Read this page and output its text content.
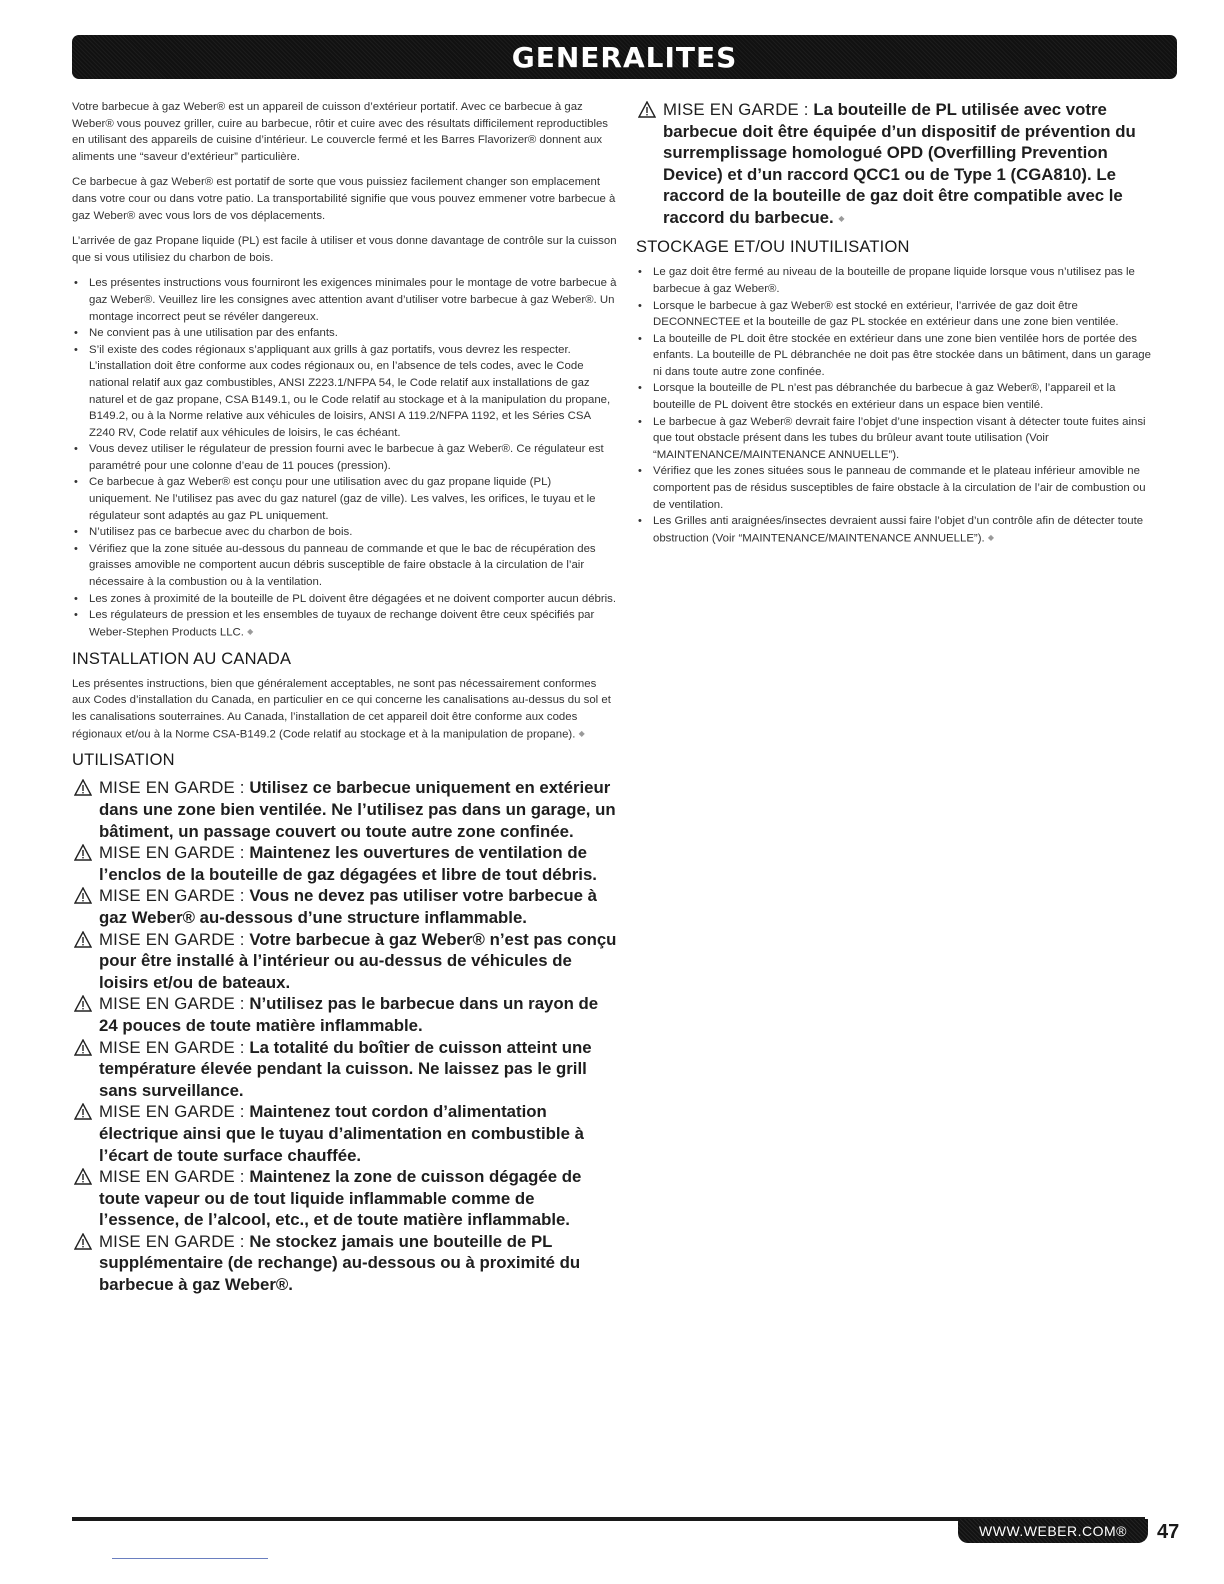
GENERALITES

Votre barbecue à gaz Weber® est un appareil de cuisson d’extérieur portatif. Avec ce barbecue à gaz Weber® vous pouvez griller, cuire au barbecue, rôtir et cuire avec des résultats difficilement reproductibles en utilisant des appareils de cuisine d’intérieur. Le couvercle fermé et les Barres Flavorizer® donnent aux aliments une “saveur d’extérieur” particulière.

Ce barbecue à gaz Weber® est portatif de sorte que vous puissiez facilement changer son emplacement dans votre cour ou dans votre patio. La transportabilité signifie que vous pouvez emmener votre barbecue à gaz Weber® avec vous lors de vos déplacements.

L’arrivée de gaz Propane liquide (PL) est facile à utiliser et vous donne davantage de contrôle sur la cuisson que si vous utilisiez du charbon de bois.

• Les présentes instructions vous fourniront les exigences minimales pour le montage de votre barbecue à gaz Weber®. Veuillez lire les consignes avec attention avant d’utiliser votre barbecue à gaz Weber®. Un montage incorrect peut se révéler dangereux.
• Ne convient pas à une utilisation par des enfants.
• S’il existe des codes régionaux s’appliquant aux grills à gaz portatifs, vous devrez les respecter. L’installation doit être conforme aux codes régionaux ou, en l’absence de tels codes, avec le Code national relatif aux gaz combustibles, ANSI Z223.1/NFPA 54, le Code relatif aux installations de gaz naturel et de gaz propane, CSA B149.1, ou le Code relatif au stockage et à la manipulation du propane, B149.2, ou à la Norme relative aux véhicules de loisirs, ANSI A 119.2/NFPA 1192, et les Séries CSA Z240 RV, Code relatif aux véhicules de loisirs, le cas échéant.
• Vous devez utiliser le régulateur de pression fourni avec le barbecue à gaz Weber®. Ce régulateur est paramétré pour une colonne d’eau de 11 pouces (pression).
• Ce barbecue à gaz Weber® est conçu pour une utilisation avec du gaz propane liquide (PL) uniquement. Ne l’utilisez pas avec du gaz naturel (gaz de ville). Les valves, les orifices, le tuyau et le régulateur sont adaptés au gaz PL uniquement.
• N’utilisez pas ce barbecue avec du charbon de bois.
• Vérifiez que la zone située au-dessous du panneau de commande et que le bac de récupération des graisses amovible ne comportent aucun débris susceptible de faire obstacle à la circulation de l’air nécessaire à la combustion ou à la ventilation.
• Les zones à proximité de la bouteille de PL doivent être dégagées et ne doivent comporter aucun débris.
• Les régulateurs de pression et les ensembles de tuyaux de rechange doivent être ceux spécifiés par Weber-Stephen Products LLC. ◆
INSTALLATION AU CANADA

Les présentes instructions, bien que généralement acceptables, ne sont pas nécessairement conformes aux Codes d’installation du Canada, en particulier en ce qui concerne les canalisations au-dessus du sol et les canalisations souterraines. Au Canada, l’installation de cet appareil doit être conforme aux codes régionaux et/ou à la Norme CSA-B149.2 (Code relatif au stockage et à la manipulation de propane). ◆

UTILISATION
MISE EN GARDE : Utilisez ce barbecue uniquement en extérieur dans une zone bien ventilée. Ne l’utilisez pas dans un garage, un bâtiment, un passage couvert ou toute autre zone confinée.
MISE EN GARDE : Maintenez les ouvertures de ventilation de l’enclos de la bouteille de gaz dégagées et libre de tout débris.
MISE EN GARDE : Vous ne devez pas utiliser votre barbecue à gaz Weber® au-dessous d’une structure inflammable.
MISE EN GARDE : Votre barbecue à gaz Weber® n’est pas conçu pour être installé à l’intérieur ou au-dessus de véhicules de loisirs et/ou de bateaux.
MISE EN GARDE : N’utilisez pas le barbecue dans un rayon de 24 pouces de toute matière inflammable.
MISE EN GARDE : La totalité du boîtier de cuisson atteint une température élevée pendant la cuisson. Ne laissez pas le grill sans surveillance.
MISE EN GARDE : Maintenez tout cordon d’alimentation électrique ainsi que le tuyau d’alimentation en combustible à l’écart de toute surface chauffée.
MISE EN GARDE : Maintenez la zone de cuisson dégagée de toute vapeur ou de tout liquide inflammable comme de l’essence, de l’alcool, etc., et de toute matière inflammable.
MISE EN GARDE : Ne stockez jamais une bouteille de PL supplémentaire (de rechange) au-dessous ou à proximité du barbecue à gaz Weber®.
MISE EN GARDE : La bouteille de PL utilisée avec votre barbecue doit être équipée d’un dispositif de prévention du surremplissage homologué OPD (Overfilling Prevention Device) et d’un raccord QCC1 ou de Type 1 (CGA810). Le raccord de la bouteille de gaz doit être compatible avec le raccord du barbecue. ◆
STOCKAGE ET/OU INUTILISATION
• Le gaz doit être fermé au niveau de la bouteille de propane liquide lorsque vous n’utilisez pas le barbecue à gaz Weber®.
• Lorsque le barbecue à gaz Weber® est stocké en extérieur, l’arrivée de gaz doit être DECONNECTEE et la bouteille de gaz PL stockée en extérieur dans une zone bien ventilée.
• La bouteille de PL doit être stockée en extérieur dans une zone bien ventilée hors de portée des enfants. La bouteille de PL débranchée ne doit pas être stockée dans un bâtiment, dans un garage ni dans toute autre zone confinée.
• Lorsque la bouteille de PL n’est pas débranchée du barbecue à gaz Weber®, l’appareil et la bouteille de PL doivent être stockés en extérieur dans un espace bien ventilé.
• Le barbecue à gaz Weber® devrait faire l’objet d’une inspection visant à détecter toute fuites ainsi que tout obstacle présent dans les tubes du brûleur avant toute utilisation (Voir “MAINTENANCE/MAINTENANCE ANNUELLE”).
• Vérifiez que les zones situées sous le panneau de commande et le plateau inférieur amovible ne comportent pas de résidus susceptibles de faire obstacle à la circulation de l’air de combustion ou de ventilation.
• Les Grilles anti araignées/insectes devraient aussi faire l’objet d’un contrôle afin de détecter toute obstruction (Voir “MAINTENANCE/MAINTENANCE ANNUELLE”). ◆
WWW.WEBER.COM® 47
